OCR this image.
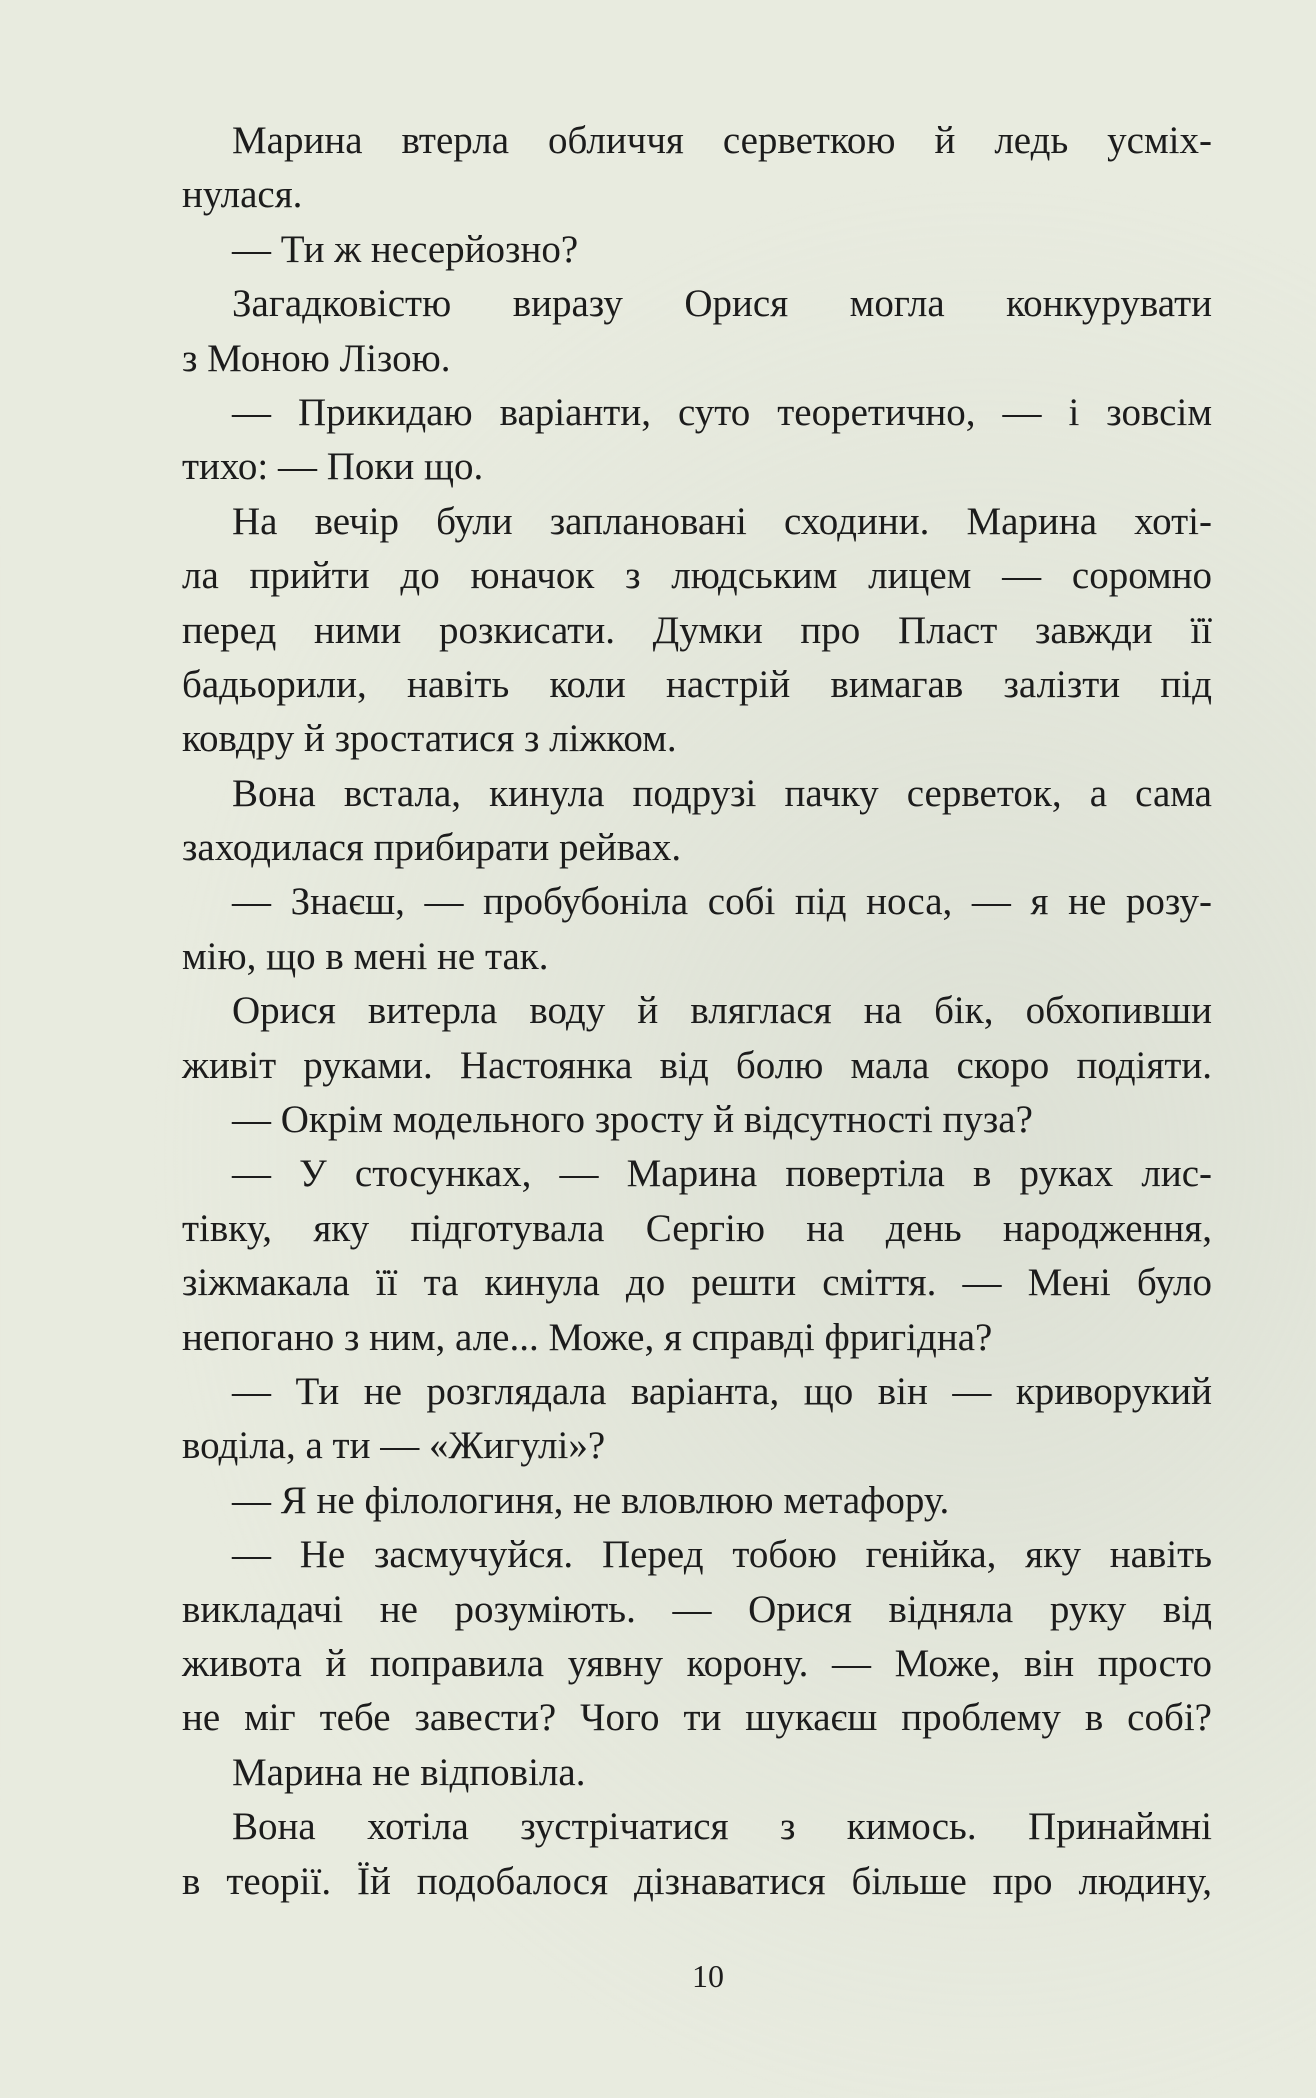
Марина втерла обличчя серветкою й ледь усміх-
нулася.
— Ти ж несерйозно?
Загадковістю виразу Орися могла конкурувати
з Моною Лізою.
— Прикидаю варіанти, суто теоретично, — і зовсім
тихо: — Поки що.
На вечір були заплановані сходини. Марина хоті-
ла прийти до юначок з людським лицем — соромно
перед ними розкисати. Думки про Пласт завжди її
бадьорили, навіть коли настрій вимагав залізти під
ковдру й зростатися з ліжком.
Вона встала, кинула подрузі пачку серветок, а сама
заходилася прибирати рейвах.
— Знаєш, — пробубоніла собі під носа, — я не розу-
мію, що в мені не так.
Орися витерла воду й вляглася на бік, обхопивши
живіт руками. Настоянка від болю мала скоро подіяти.
— Окрім модельного зросту й відсутності пуза?
— У стосунках, — Марина повертіла в руках лис-
тівку, яку підготувала Сергію на день народження,
зіжмакала її та кинула до решти сміття. — Мені було
непогано з ним, але... Може, я справді фригідна?
— Ти не розглядала варіанта, що він — криворукий
воділа, а ти — «Жигулі»?
— Я не філологиня, не вловлюю метафору.
— Не засмучуйся. Перед тобою генійка, яку навіть
викладачі не розуміють. — Орися відняла руку від
живота й поправила уявну корону. — Може, він просто
не міг тебе завести? Чого ти шукаєш проблему в собі?
Марина не відповіла.
Вона хотіла зустрічатися з кимось. Принаймні
в теорії. Їй подобалося дізнаватися більше про людину,
10
